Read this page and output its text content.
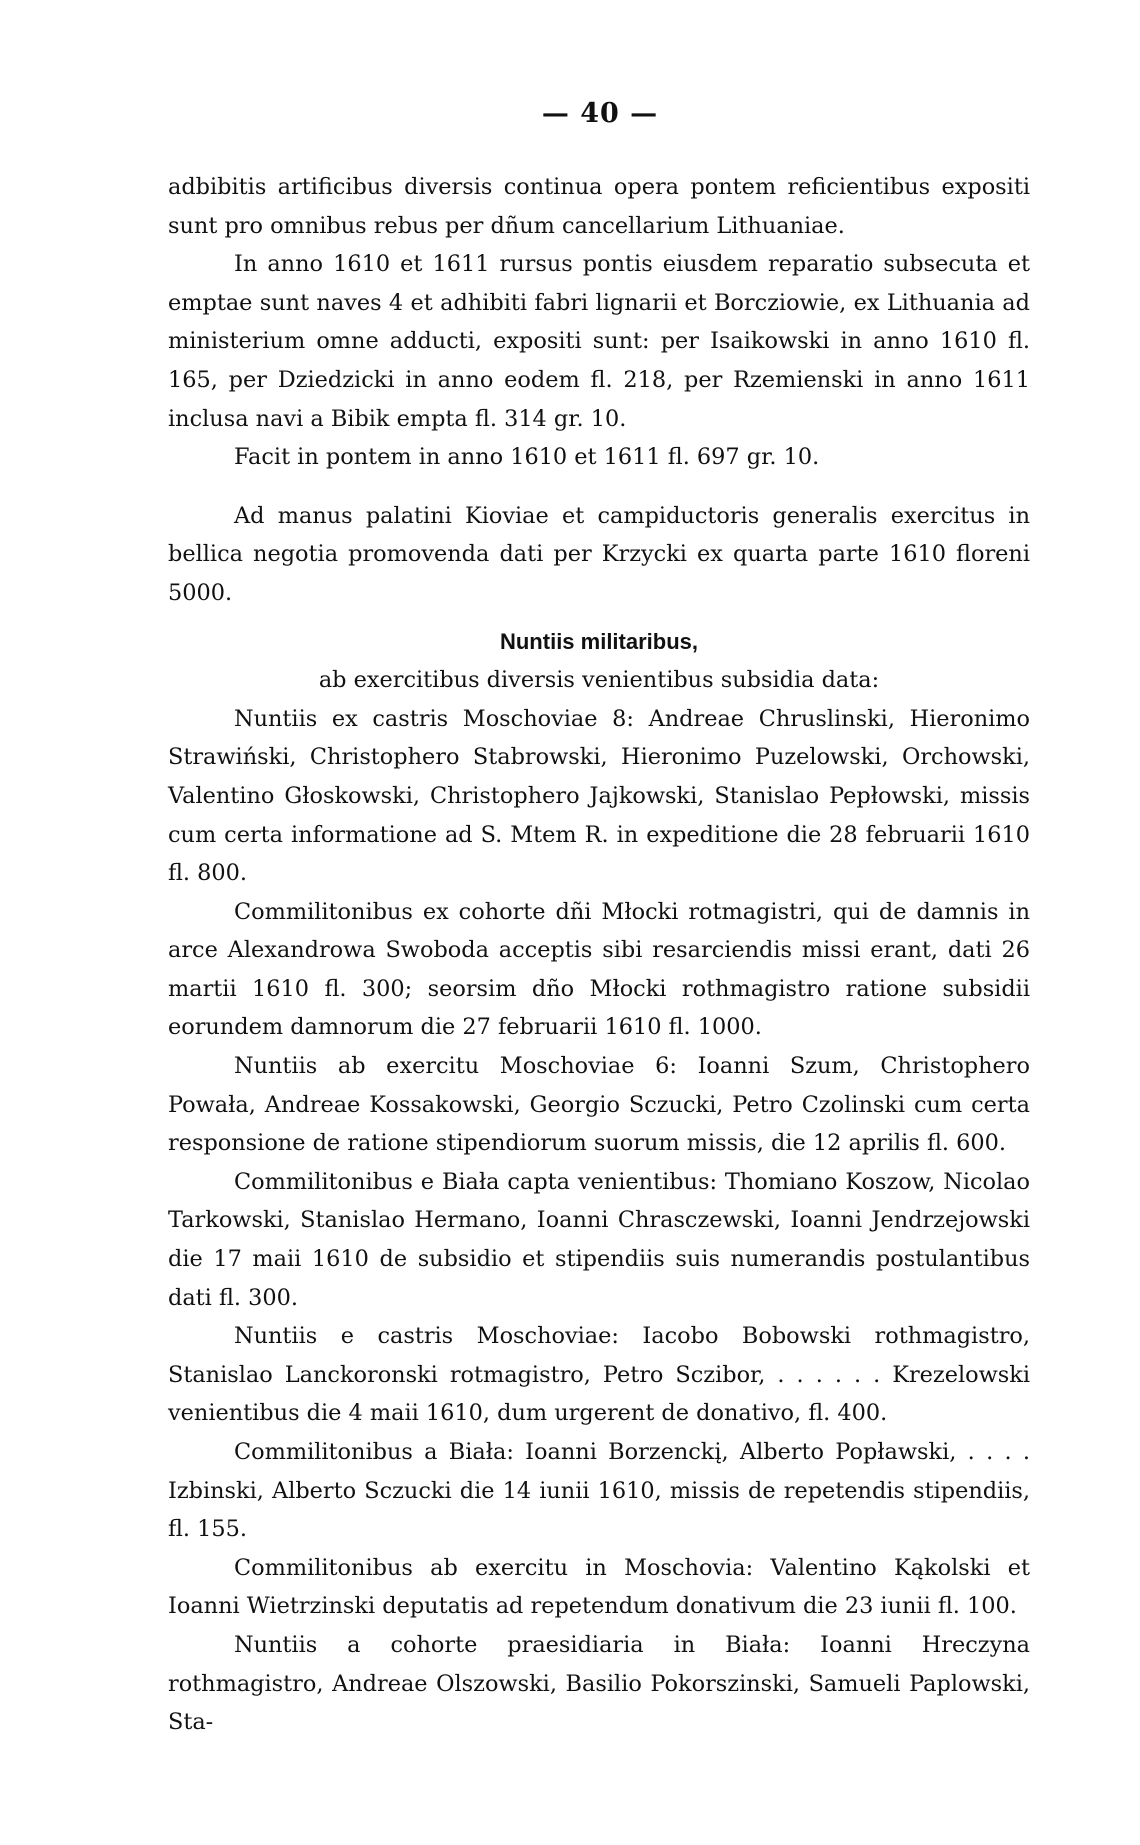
— 40 —

adbibitis artificibus diversis continua opera pontem reficientibus expositi sunt pro omnibus rebus per dñum cancellarium Lithuaniae.

In anno 1610 et 1611 rursus pontis eiusdem reparatio subsecuta et emptae sunt naves 4 et adhibiti fabri lignarii et Borcziowie, ex Lithuania ad ministerium omne adducti, expositi sunt: per Isaikowski in anno 1610 fl. 165, per Dziedzicki in anno eodem fl. 218, per Rzemienski in anno 1611 inclusa navi a Bibik empta fl. 314 gr. 10.

Facit in pontem in anno 1610 et 1611 fl. 697 gr. 10.

Ad manus palatini Kioviae et campiductoris generalis exercitus in bellica negotia promovenda dati per Krzycki ex quarta parte 1610 floreni 5000.

Nuntiis militaribus,

ab exercitibus diversis venientibus subsidia data:

Nuntiis ex castris Moschoviae 8: Andreae Chruslinski, Hieronimo Strawiński, Christophero Stabrowski, Hieronimo Puzelowski, Orchowski, Valentino Głoskowski, Christophero Jajkowski, Stanislao Pepłowski, missis cum certa informatione ad S. Mtem R. in expeditione die 28 februarii 1610 fl. 800.

Commilitonibus ex cohorte dñi Młocki rotmagistri, qui de damnis in arce Alexandrowa Swoboda acceptis sibi resarciendis missi erant, dati 26 martii 1610 fl. 300; seorsim dño Młocki rothmagistro ratione subsidii eorundem damnorum die 27 februarii 1610 fl. 1000.

Nuntiis ab exercitu Moschoviae 6: Ioanni Szum, Christophero Powała, Andreae Kossakowski, Georgio Sczucki, Petro Czolinski cum certa responsione de ratione stipendiorum suorum missis, die 12 aprilis fl. 600.

Commilitonibus e Biała capta venientibus: Thomiano Koszow, Nicolao Tarkowski, Stanislao Hermano, Ioanni Chrasczewski, Ioanni Jendrzejowski die 17 maii 1610 de subsidio et stipendiis suis numerandis postulantibus dati fl. 300.

Nuntiis e castris Moschoviae: Iacobo Bobowski rothmagistro, Stanislao Lanckoronski rotmagistro, Petro Sczibor, . . . . . . Krezelowski venientibus die 4 maii 1610, dum urgerent de donativo, fl. 400.

Commilitonibus a Biała: Ioanni Borzenckį, Alberto Popławski, . . . . Izbinski, Alberto Sczucki die 14 iunii 1610, missis de repetendis stipendiis, fl. 155.

Commilitonibus ab exercitu in Moschovia: Valentino Kąkolski et Ioanni Wietrzinski deputatis ad repetendum donativum die 23 iunii fl. 100.

Nuntiis a cohorte praesidiaria in Biała: Ioanni Hreczyna rothmagistro, Andreae Olszowski, Basilio Pokorszinski, Samueli Paplowski, Sta-
